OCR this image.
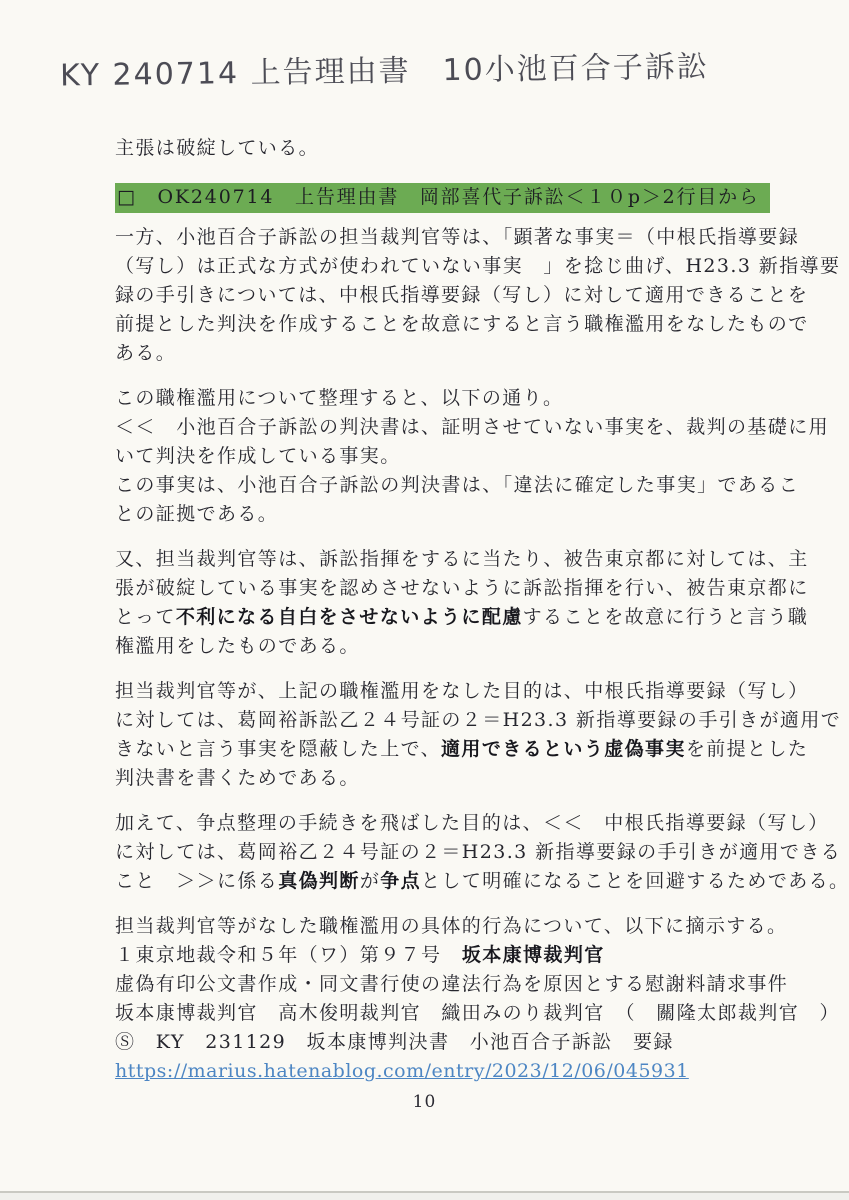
KY 240714 上告理由書　10小池百合子訴訟
主張は破綻している。
□　OK240714　上告理由書　岡部喜代子訴訟＜１０p＞2行目から
一方、小池百合子訴訟の担当裁判官等は、「顕著な事実＝（中根氏指導要録
（写し）は正式な方式が使われていない事実　」を捻じ曲げ、H23.3 新指導要
録の手引きについては、中根氏指導要録（写し）に対して適用できることを
前提とした判決を作成することを故意にすると言う職権濫用をなしたもので
ある。
この職権濫用について整理すると、以下の通り。
＜＜　小池百合子訴訟の判決書は、証明させていない事実を、裁判の基礎に用
いて判決を作成している事実。
この事実は、小池百合子訴訟の判決書は、「違法に確定した事実」であるこ
との証拠である。
又、担当裁判官等は、訴訟指揮をするに当たり、被告東京都に対しては、主
張が破綻している事実を認めさせないように訴訟指揮を行い、被告東京都に
とって不利になる自白をさせないように配慮することを故意に行うと言う職
権濫用をしたものである。
担当裁判官等が、上記の職権濫用をなした目的は、中根氏指導要録（写し）
に対しては、葛岡裕訴訟乙２４号証の２＝H23.3 新指導要録の手引きが適用で
きないと言う事実を隠蔽した上で、適用できるという虚偽事実を前提とした
判決書を書くためである。
加えて、争点整理の手続きを飛ばした目的は、＜＜　中根氏指導要録（写し）
に対しては、葛岡裕乙２４号証の２＝H23.3 新指導要録の手引きが適用できる
こと　＞＞に係る真偽判断が争点として明確になることを回避するためである。
担当裁判官等がなした職権濫用の具体的行為について、以下に摘示する。
１東京地裁令和５年（ワ）第９７号　坂本康博裁判官
虚偽有印公文書作成・同文書行使の違法行為を原因とする慰謝料請求事件
坂本康博裁判官　高木俊明裁判官　織田みのり裁判官　（　關隆太郎裁判官　）
Ⓢ　KY　231129　坂本康博判決書　小池百合子訴訟　要録
https://marius.hatenablog.com/entry/2023/12/06/045931
10
